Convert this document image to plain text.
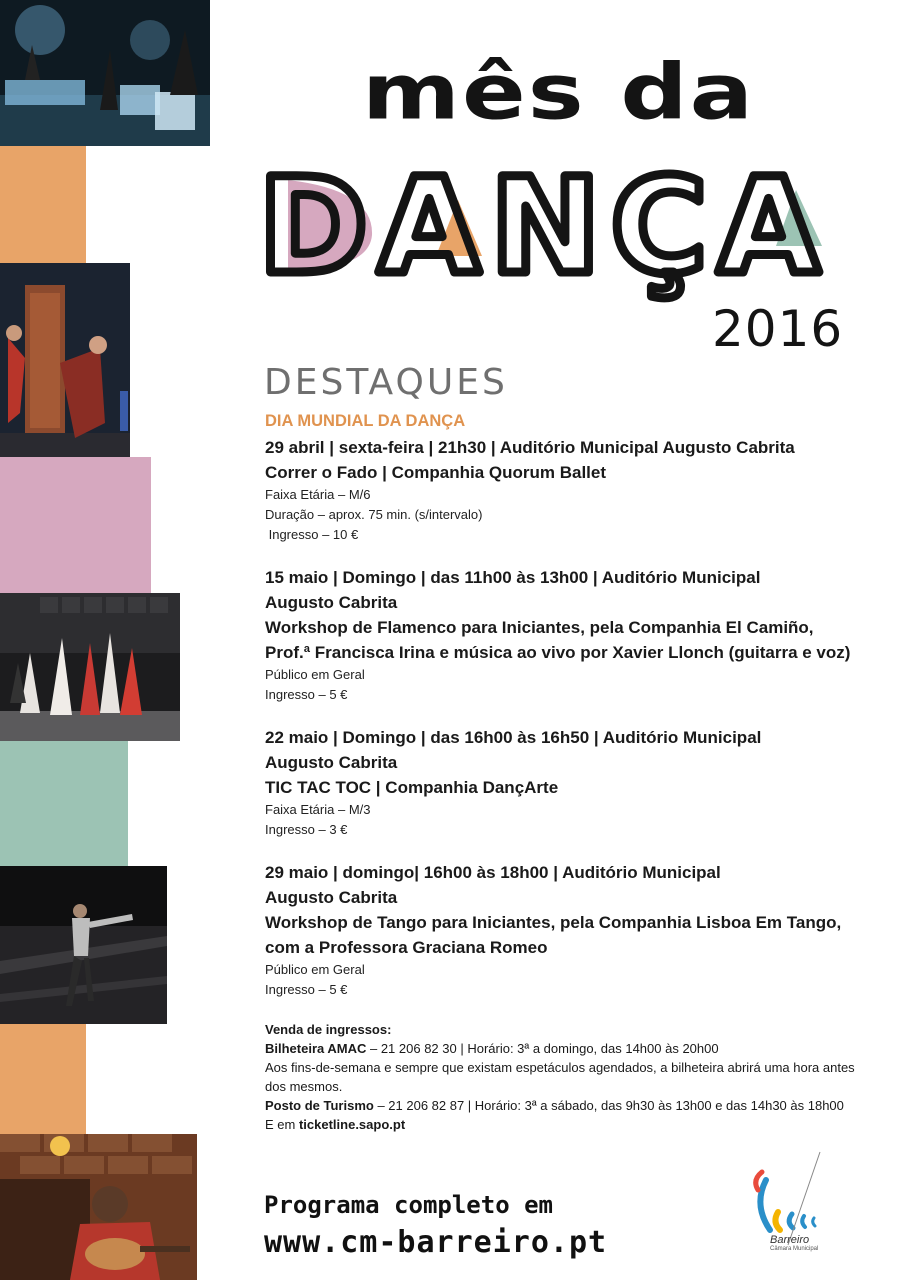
mês da
DANÇA
2016
DESTAQUES

DIA MUNDIAL DA DANÇA

29 abril | sexta-feira | 21h30 | Auditório Municipal Augusto Cabrita

Correr o Fado | Companhia Quorum Ballet

Faixa Etária – M/6

Duração – aprox. 75 min. (s/intervalo)

Ingresso – 10 €

15 maio | Domingo | das 11h00 às 13h00 | Auditório Municipal

Augusto Cabrita

Workshop de Flamenco para Iniciantes, pela Companhia El Camiño,

Prof.ª Francisca Irina e música ao vivo por Xavier Llonch (guitarra e voz)

Público em Geral

Ingresso – 5 €

22 maio | Domingo | das 16h00 às 16h50 | Auditório Municipal

Augusto Cabrita

TIC TAC TOC | Companhia DançArte

Faixa Etária – M/3

Ingresso – 3 €

29 maio | domingo| 16h00 às 18h00 | Auditório Municipal

Augusto Cabrita

Workshop de Tango para Iniciantes, pela Companhia Lisboa Em Tango,

com a Professora Graciana Romeo

Público em Geral

Ingresso – 5 €

Venda de ingressos:

Bilheteira AMAC – 21 206 82 30 | Horário: 3ª a domingo, das 14h00 às 20h00

Aos fins-de-semana e sempre que existam espetáculos agendados, a bilheteira abrirá uma hora antes dos mesmos.

Posto de Turismo – 21 206 82 87 | Horário: 3ª a sábado, das 9h30 às 13h00 e das 14h30 às 18h00

E em ticketline.sapo.pt

Programa completo em
www.cm-barreiro.pt	Barreiro
Câmara Municipal
